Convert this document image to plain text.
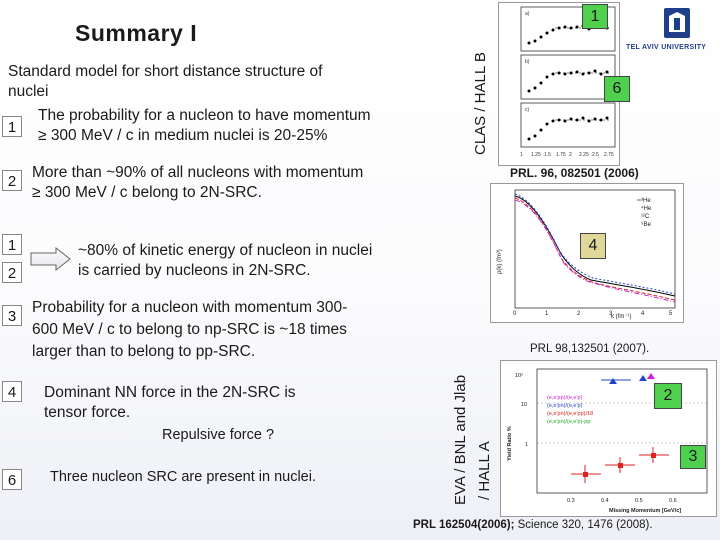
Summary I
Standard model for short distance structure of
nuclei
1
The probability for a nucleon to have momentum
≥ 300 MeV / c in medium nuclei is 20-25%
2
More than ~90% of all nucleons with momentum
≥ 300 MeV / c belong to 2N-SRC.
1
2
~80% of kinetic energy of nucleon in nuclei
is carried by nucleons in 2N-SRC.
3
Probability for a nucleon with momentum 300-
600 MeV / c to belong to np-SRC is ~18 times
larger than to belong to pp-SRC.
4	Dominant NN force in the 2N-SRC is
tensor force.
Repulsive force ?
6	Three nucleon SRC are present in nuclei.
a)
b)
c)
1 1.25 1.5 1.75 2 2.25 2.5 2.75
CLAS / HALL B
1
6
PRL. 96, 082501 (2006)
TEL AVIV UNIVERSITY
³He
⁴He
¹²C
⁹Be
k (fm⁻¹)
0	1	2	3	4	5
ρ(k) (fm³)
4
PRL 98,132501 (2007).
EVA / BNL and Jlab / HALL A
10²
10
1
(e,e'pp)/(e,e'p)
(e,e'pn)/(e,e'p)
(e,e'pn)/(e,e'pp)/18
(e,e'pn)/(e,e'p)-pp
0.3	0.4	0.5	0.6
Missing Momentum [GeV/c]
Yield Ratio %
2
3
PRL 162504(2006); Science 320, 1476 (2008).
